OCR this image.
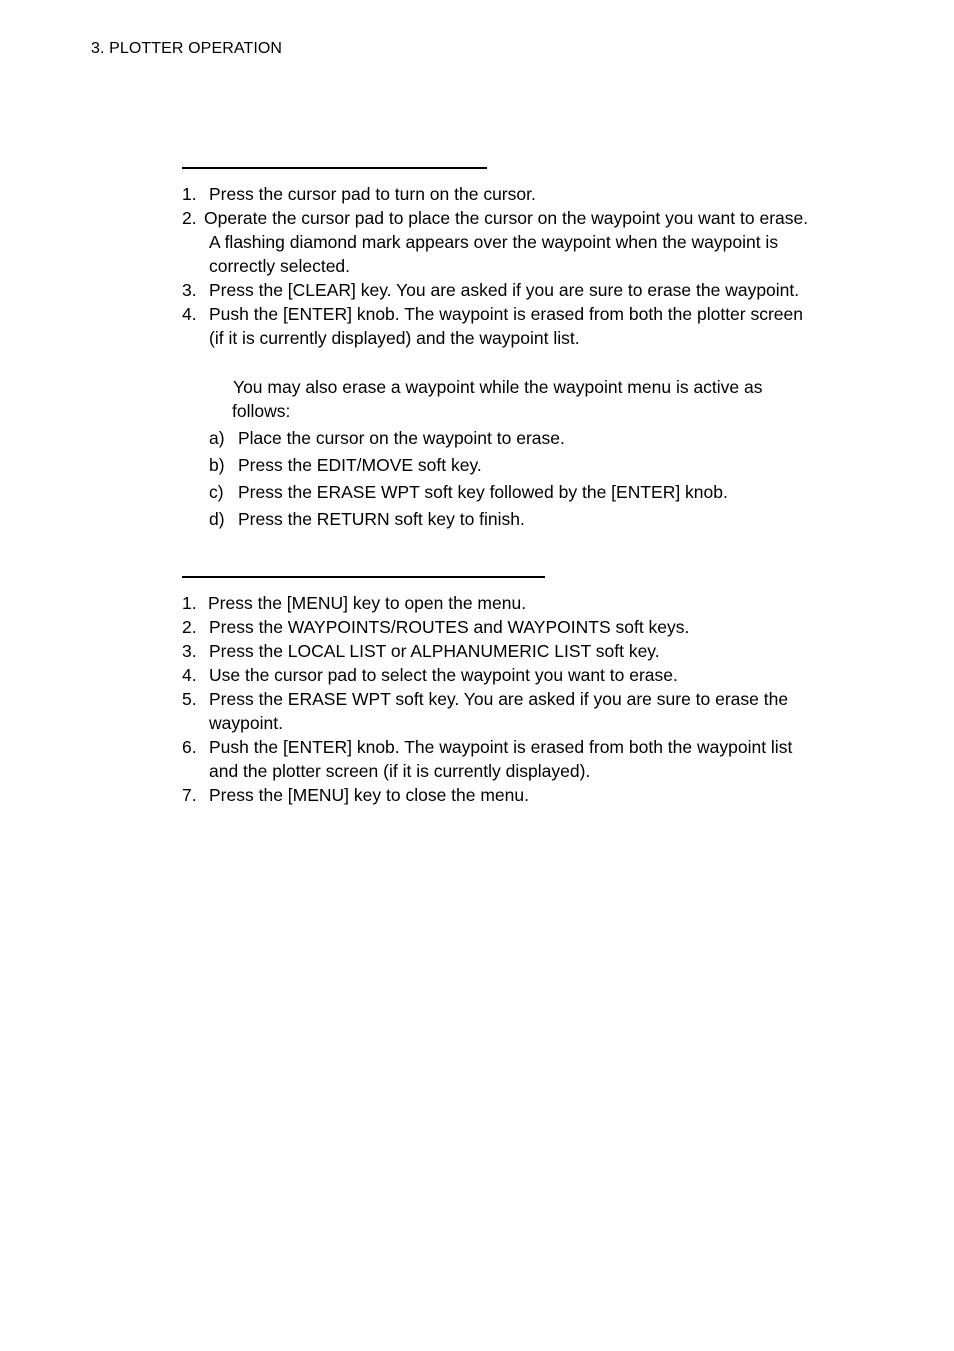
3. PLOTTER OPERATION
1. Press the cursor pad to turn on the cursor.
2. Operate the cursor pad to place the cursor on the waypoint you want to erase.
A flashing diamond mark appears over the waypoint when the waypoint is
correctly selected.
3. Press the [CLEAR] key. You are asked if you are sure to erase the waypoint.
4. Push the [ENTER] knob. The waypoint is erased from both the plotter screen
(if it is currently displayed) and the waypoint list.
You may also erase a waypoint while the waypoint menu is active as
follows:
a) Place the cursor on the waypoint to erase.
b) Press the EDIT/MOVE soft key.
c) Press the ERASE WPT soft key followed by the [ENTER] knob.
d) Press the RETURN soft key to finish.
1. Press the [MENU] key to open the menu.
2. Press the WAYPOINTS/ROUTES and WAYPOINTS soft keys.
3. Press the LOCAL LIST or ALPHANUMERIC LIST soft key.
4. Use the cursor pad to select the waypoint you want to erase.
5. Press the ERASE WPT soft key. You are asked if you are sure to erase the
waypoint.
6. Push the [ENTER] knob. The waypoint is erased from both the waypoint list
and the plotter screen (if it is currently displayed).
7. Press the [MENU] key to close the menu.
